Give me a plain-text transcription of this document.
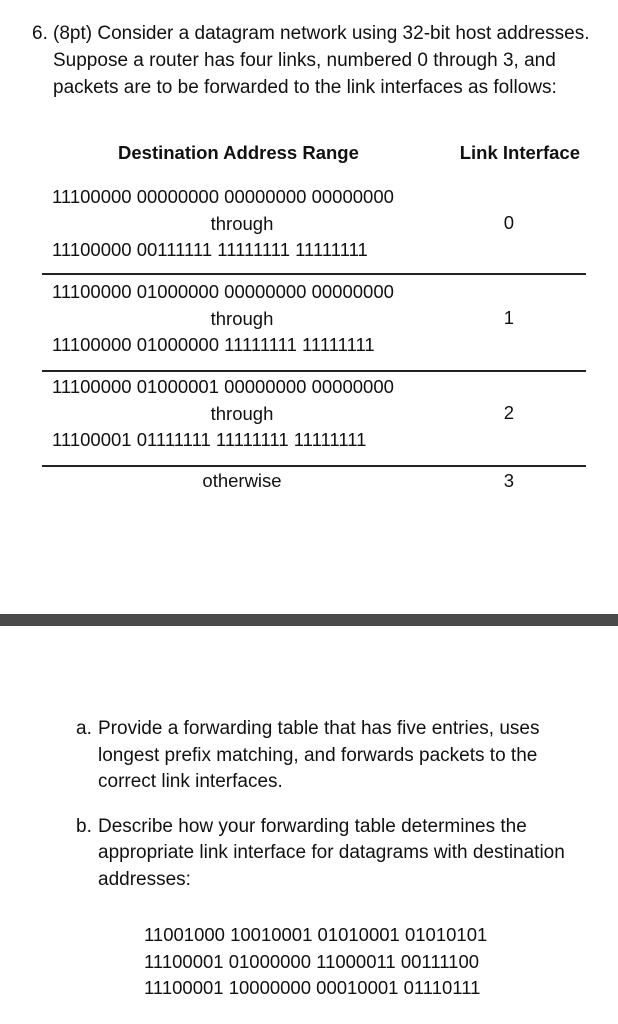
6. (8pt) Consider a datagram network using 32-bit host addresses. Suppose a router has four links, numbered 0 through 3, and packets are to be forwarded to the link interfaces as follows:
Destination Address Range	Link Interface
11100000 00000000 00000000 00000000
through
11100000 00111111 11111111 11111111
0
11100000 01000000 00000000 00000000
through
11100000 01000000 11111111 11111111
1
11100000 01000001 00000000 00000000
through
11100001 01111111 11111111 11111111
2
otherwise	3
a. Provide a forwarding table that has five entries, uses longest prefix matching, and forwards packets to the correct link interfaces.
b. Describe how your forwarding table determines the appropriate link interface for datagrams with destination addresses:
11001000 10010001 01010001 01010101
11100001 01000000 11000011 00111100
11100001 10000000 00010001 01110111
